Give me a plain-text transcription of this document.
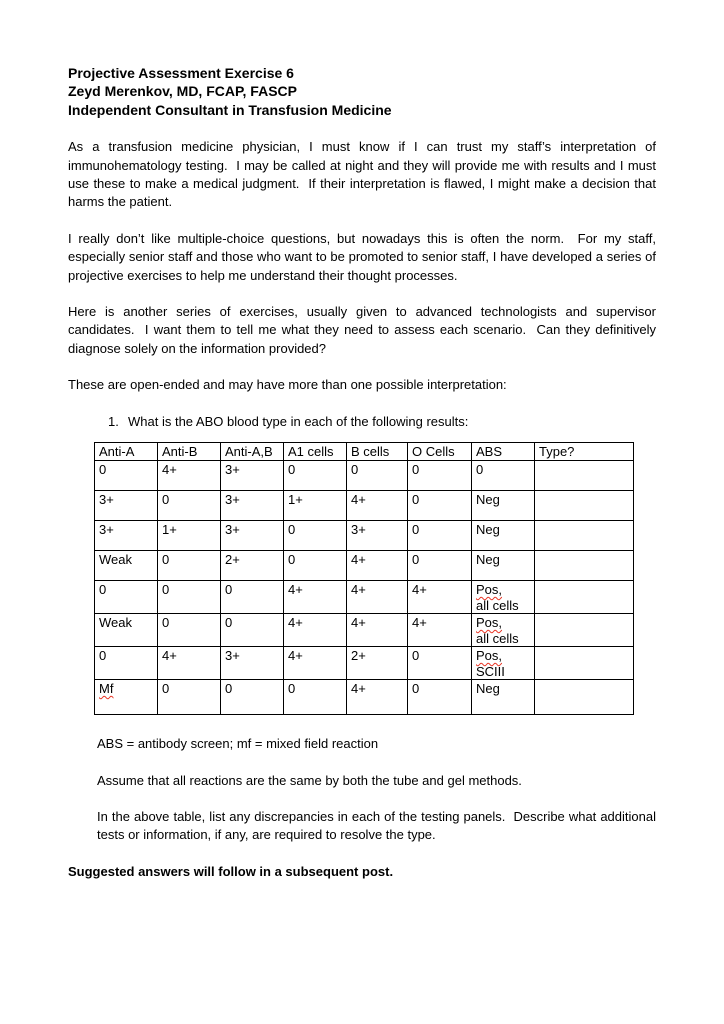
Projective Assessment Exercise 6
Zeyd Merenkov, MD, FCAP, FASCP
Independent Consultant in Transfusion Medicine

As a transfusion medicine physician, I must know if I can trust my staff’s interpretation of immunohematology testing.  I may be called at night and they will provide me with results and I must use these to make a medical judgment.  If their interpretation is flawed, I might make a decision that harms the patient.

I really don’t like multiple-choice questions, but nowadays this is often the norm.  For my staff, especially senior staff and those who want to be promoted to senior staff, I have developed a series of projective exercises to help me understand their thought processes.

Here is another series of exercises, usually given to advanced technologists and supervisor candidates.  I want them to tell me what they need to assess each scenario.  Can they definitively diagnose solely on the information provided?

These are open-ended and may have more than one possible interpretation:

1. What is the ABO blood type in each of the following results:
Anti-A	Anti-B	Anti-A,B	A1 cells	B cells	O Cells	ABS	Type?
0	4+	3+	0	0	0	0	
3+	0	3+	1+	4+	0	Neg	
3+	1+	3+	0	3+	0	Neg	
Weak	0	2+	0	4+	0	Neg	
0	0	0	4+	4+	4+	Pos,
all cells	
Weak	0	0	4+	4+	4+	Pos,
all cells	
0	4+	3+	4+	2+	0	Pos,
SCIII	
Mf	0	0	0	4+	0	Neg	

ABS = antibody screen; mf = mixed field reaction

Assume that all reactions are the same by both the tube and gel methods.

In the above table, list any discrepancies in each of the testing panels.  Describe what additional tests or information, if any, are required to resolve the type.

Suggested answers will follow in a subsequent post.
